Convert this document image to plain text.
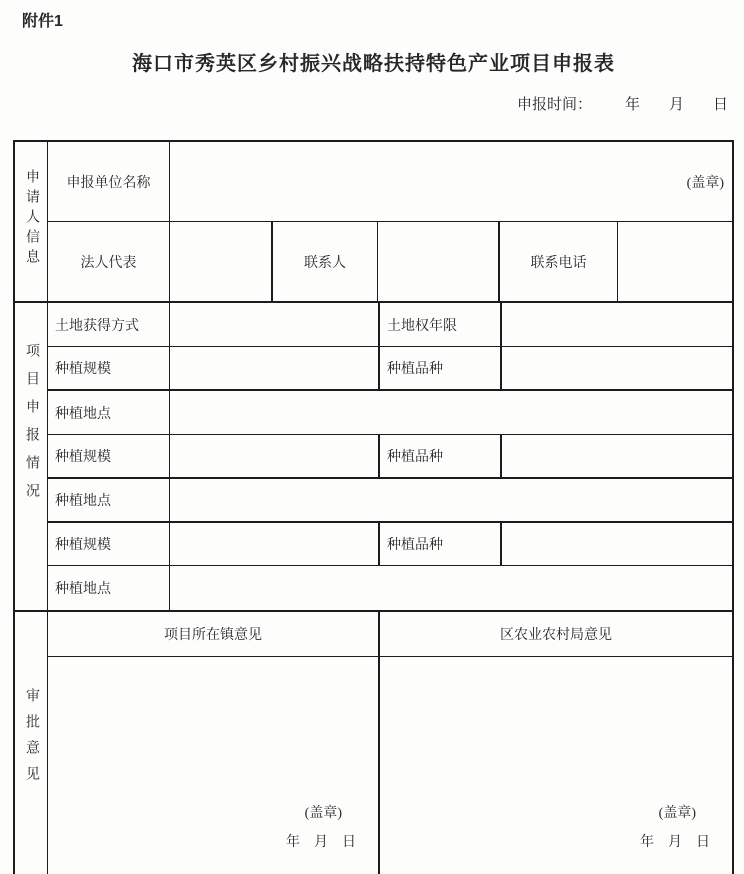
附件1
海口市秀英区乡村振兴战略扶持特色产业项目申报表
申报时间： 年 月 日
申请人信息	申报单位名称	(盖章)
法人代表	联系人	联系电话
项目申报情况
土地获得方式	土地权年限
种植规模	种植品种
种植地点
种植规模	种植品种
种植地点
种植规模	种植品种
种植地点
审批意见
项目所在镇意见	区农业农村局意见
(盖章)
年 月 日
(盖章)
年 月 日
